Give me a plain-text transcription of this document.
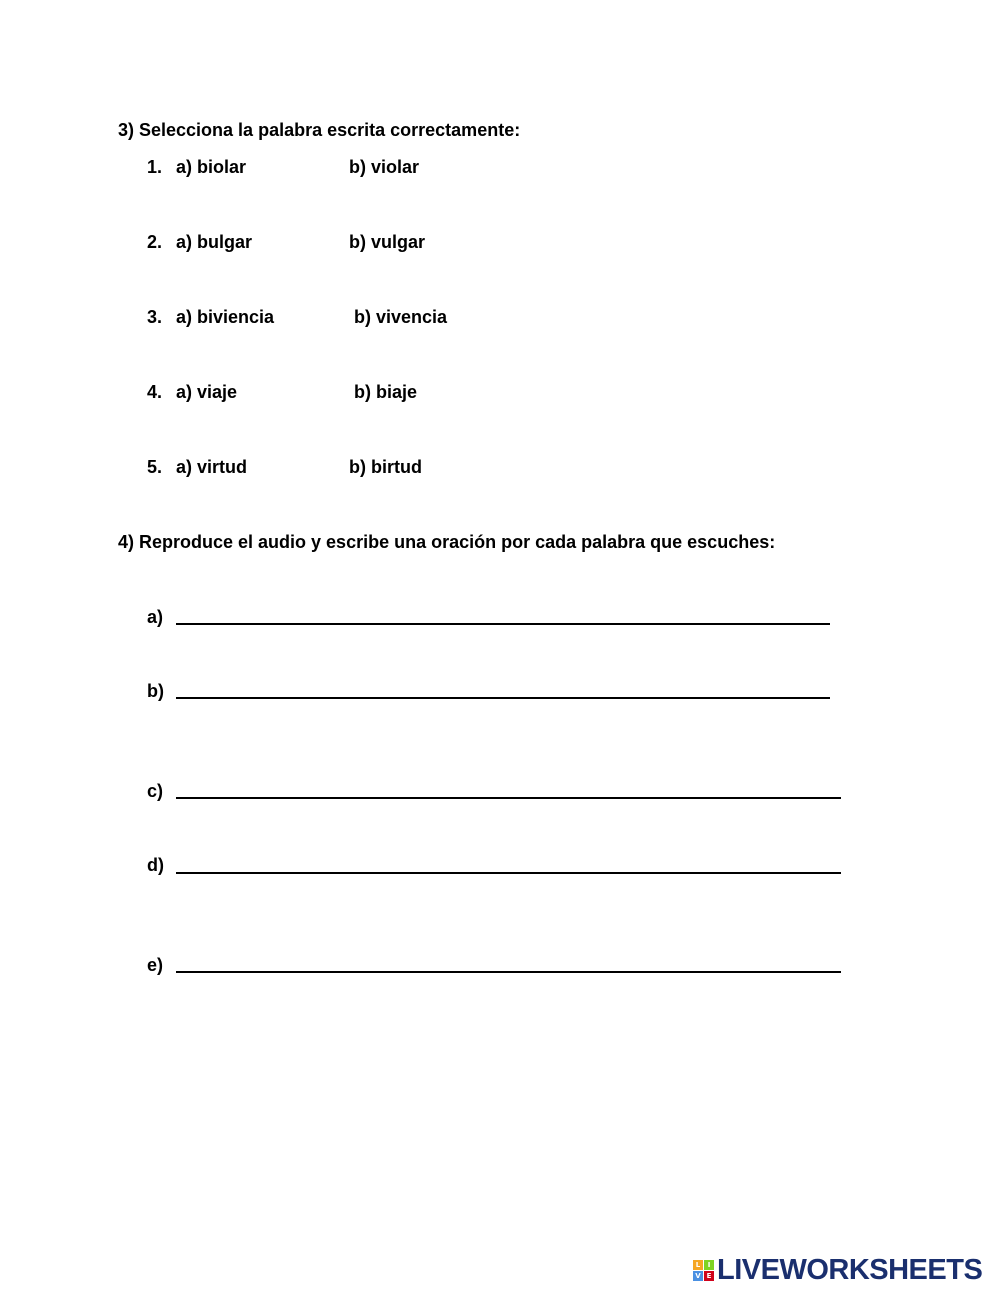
3) Selecciona la palabra escrita correctamente:
1. a) biolar	b) violar
2. a) bulgar	b) vulgar
3. a) biviencia	b) vivencia
4. a) viaje	b) biaje
5. a) virtud	b) birtud
4) Reproduce el audio y escribe una oración por cada palabra que escuches:
a)
b)
c)
d)
e)
L	I
V E LIVEWORKSHEETS
